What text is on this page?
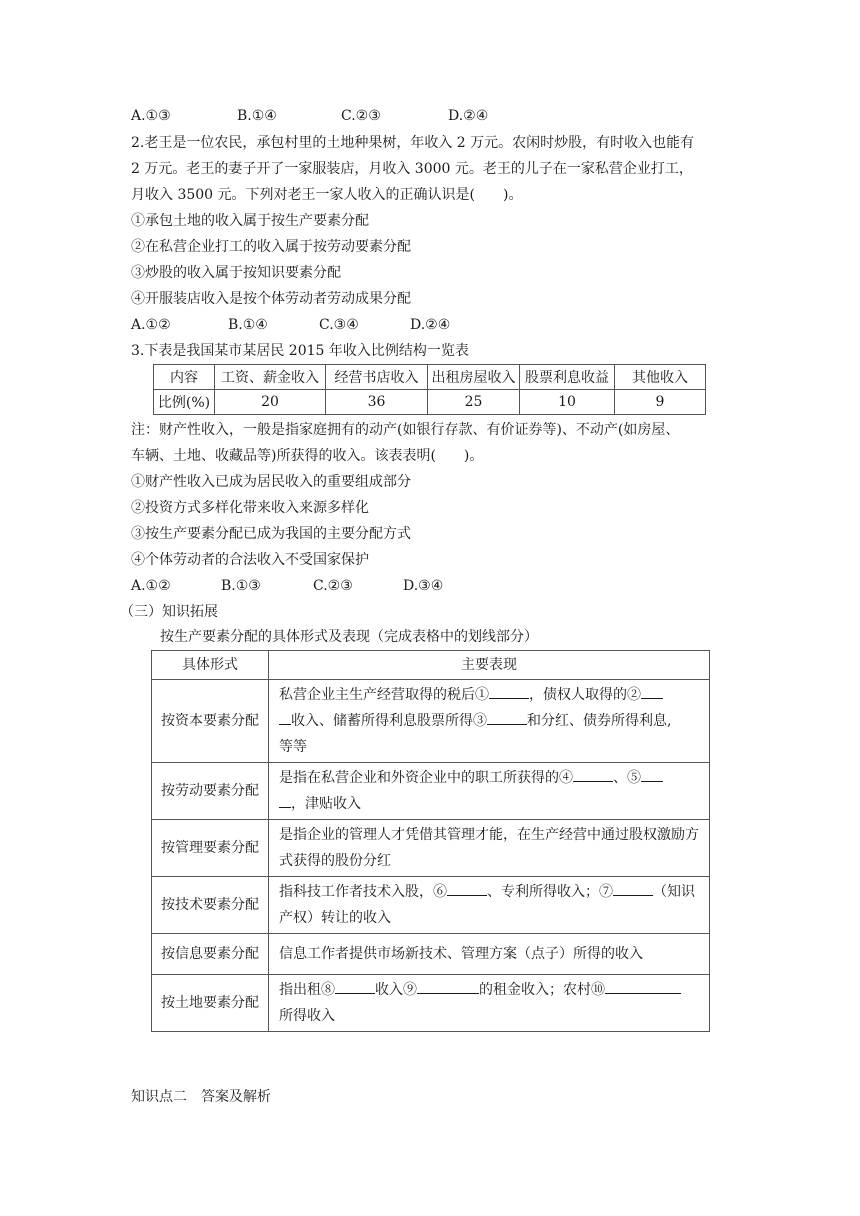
A.①③	B.①④	C.②③	D.②④
2.老王是一位农民，承包村里的土地种果树，年收入 2 万元。农闲时炒股，有时收入也能有
2 万元。老王的妻子开了一家服装店，月收入 3000 元。老王的儿子在一家私营企业打工，
月收入 3500 元。下列对老王一家人收入的正确认识是(　　)。
①承包土地的收入属于按生产要素分配
②在私营企业打工的收入属于按劳动要素分配
③炒股的收入属于按知识要素分配
④开服装店收入是按个体劳动者劳动成果分配
A.①②	B.①④	C.③④	D.②④
3.下表是我国某市某居民 2015 年收入比例结构一览表
内容	工资、薪金收入	经营书店收入	出租房屋收入	股票利息收益	其他收入
比例(%)	20	36	25	10	9
注：财产性收入，一般是指家庭拥有的动产(如银行存款、有价证券等)、不动产(如房屋、
车辆、土地、收藏品等)所获得的收入。该表表明(　　)。
①财产性收入已成为居民收入的重要组成部分
②投资方式多样化带来收入来源多样化
③按生产要素分配已成为我国的主要分配方式
④个体劳动者的合法收入不受国家保护
A.①②	B.①③	C.②③	D.③④
（三）知识拓展
按生产要素分配的具体形式及表现（完成表格中的划线部分）
具体形式	主要表现
按资本要素分配	私营企业主生产经营取得的税后① ，债权人取得的②
收入、储蓄所得利息股票所得③ 和分红、债券所得利息,
等等
按劳动要素分配	是指在私营企业和外资企业中的职工所获得的④ 、⑤
，津贴收入
按管理要素分配	是指企业的管理人才凭借其管理才能，在生产经营中通过股权激励方式获得的股份分红
按技术要素分配	指科技工作者技术入股，⑥ 、专利所得收入；⑦ （知识产权）转让的收入
按信息要素分配	信息工作者提供市场新技术、管理方案（点子）所得的收入
按土地要素分配	指出租⑧ 收入⑨ 的租金收入；农村⑩
所得收入
知识点二　答案及解析
